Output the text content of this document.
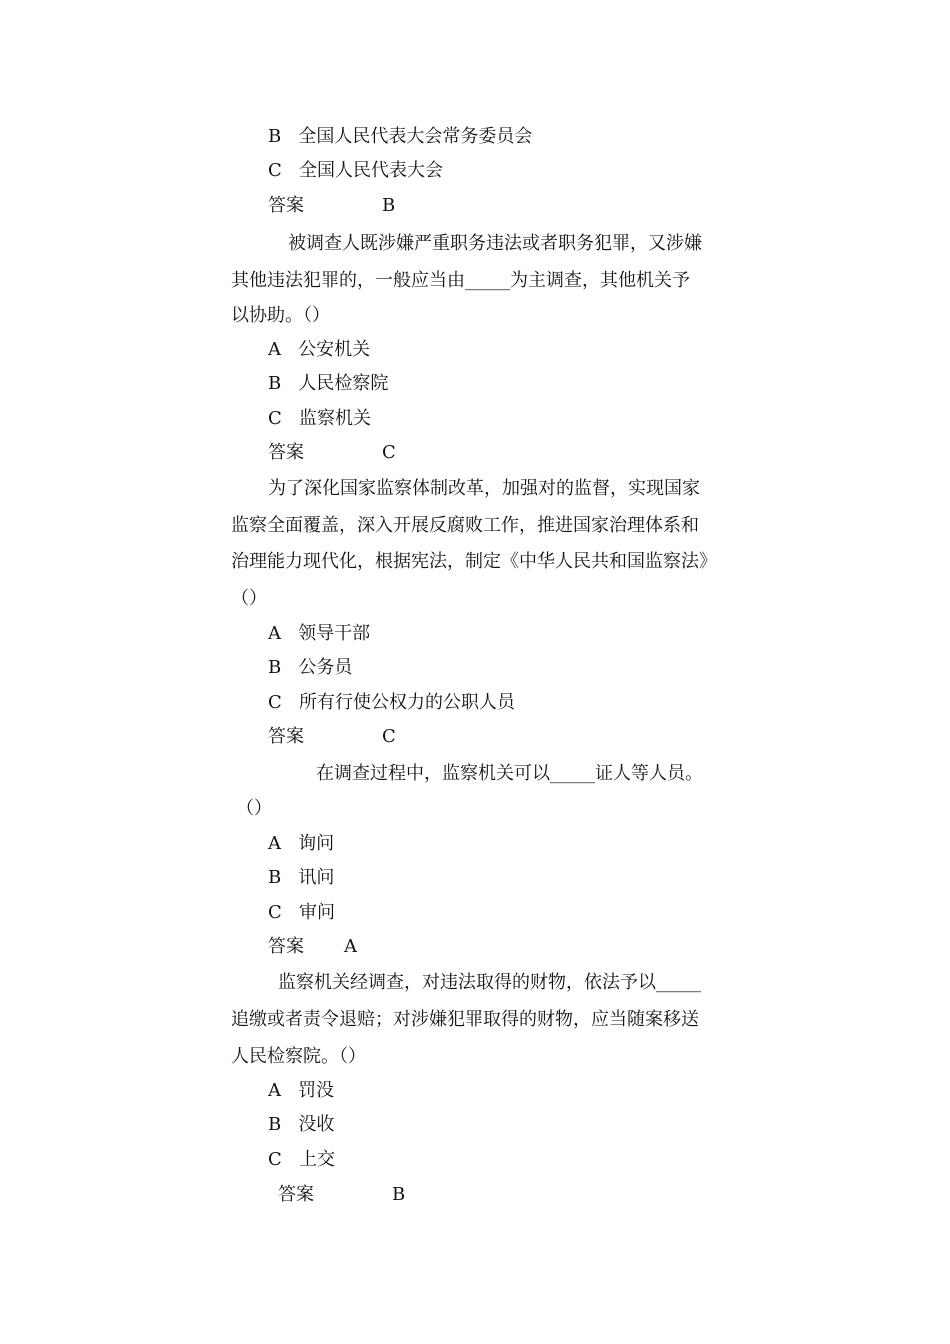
B 全国人民代表大会常务委员会
C 全国人民代表大会
答案	B
被调查人既涉嫌严重职务违法或者职务犯罪，又涉嫌
其他违法犯罪的，一般应当由_____为主调查，其他机关予
以协助。（）
A 公安机关
B 人民检察院
C 监察机关
答案	C
为了深化国家监察体制改革，加强对的监督，实现国家
监察全面覆盖，深入开展反腐败工作，推进国家治理体系和
治理能力现代化，根据宪法，制定《中华人民共和国监察法》
（）
A 领导干部
B 公务员
C 所有行使公权力的公职人员
答案	C
在调查过程中，监察机关可以_____证人等人员。
（）
A 询问
B 讯问
C 审问
答案 A
监察机关经调查，对违法取得的财物，依法予以_____
追缴或者责令退赔；对涉嫌犯罪取得的财物，应当随案移送
人民检察院。（）
A 罚没
B 没收
C 上交
答案	B
